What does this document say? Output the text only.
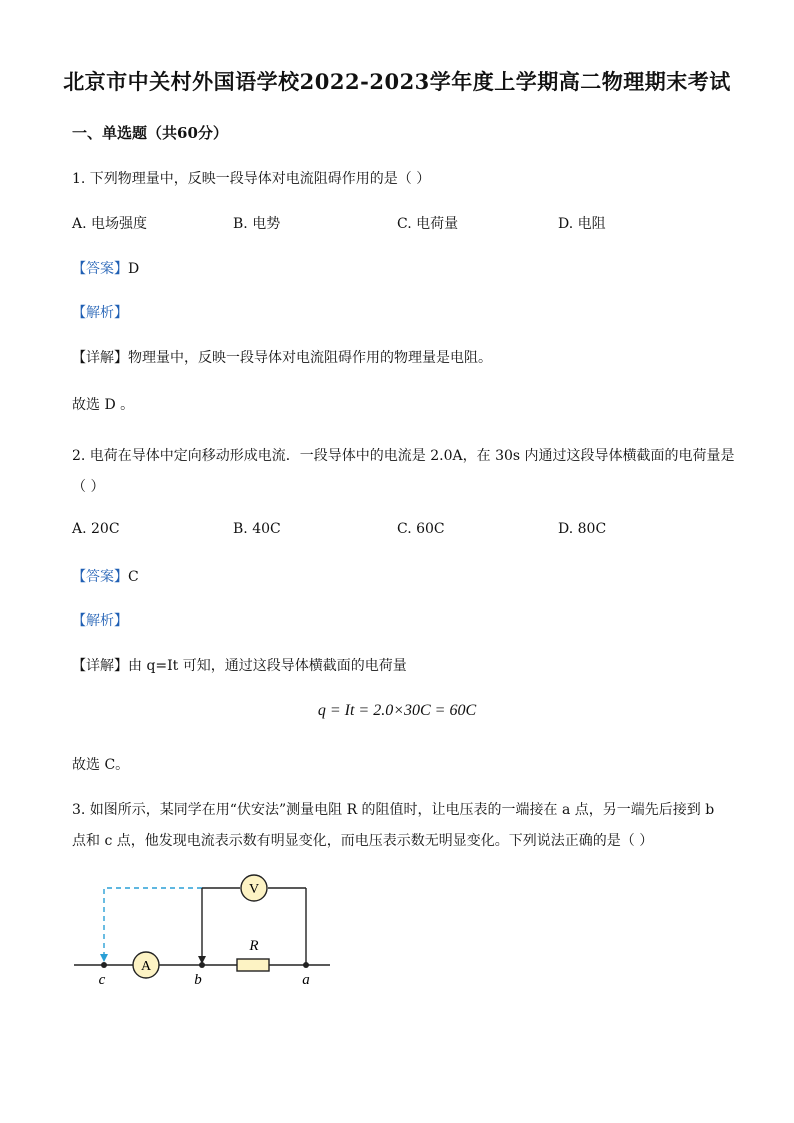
北京市中关村外国语学校2022-2023学年度上学期高二物理期末考试
一、单选题（共60分）
1. 下列物理量中，反映一段导体对电流阻碍作用的是（ ）
A. 电场强度	B. 电势	C. 电荷量	D. 电阻
【答案】D
【解析】
【详解】物理量中，反映一段导体对电流阻碍作用的物理量是电阻。
故选 D 。
2. 电荷在导体中定向移动形成电流．一段导体中的电流是 2.0A，在 30s 内通过这段导体横截面的电荷量是
（ ）
A. 20C	B. 40C	C. 60C	D. 80C
【答案】C
【解析】
【详解】由 q=It 可知，通过这段导体横截面的电荷量
q = It = 2.0×30C = 60C
故选 C。
3. 如图所示，某同学在用“伏安法”测量电阻 R 的阻值时，让电压表的一端接在 a 点，另一端先后接到 b
点和 c 点，他发现电流表示数有明显变化，而电压表示数无明显变化。下列说法正确的是（ ）
V
A
R
c	b	a
